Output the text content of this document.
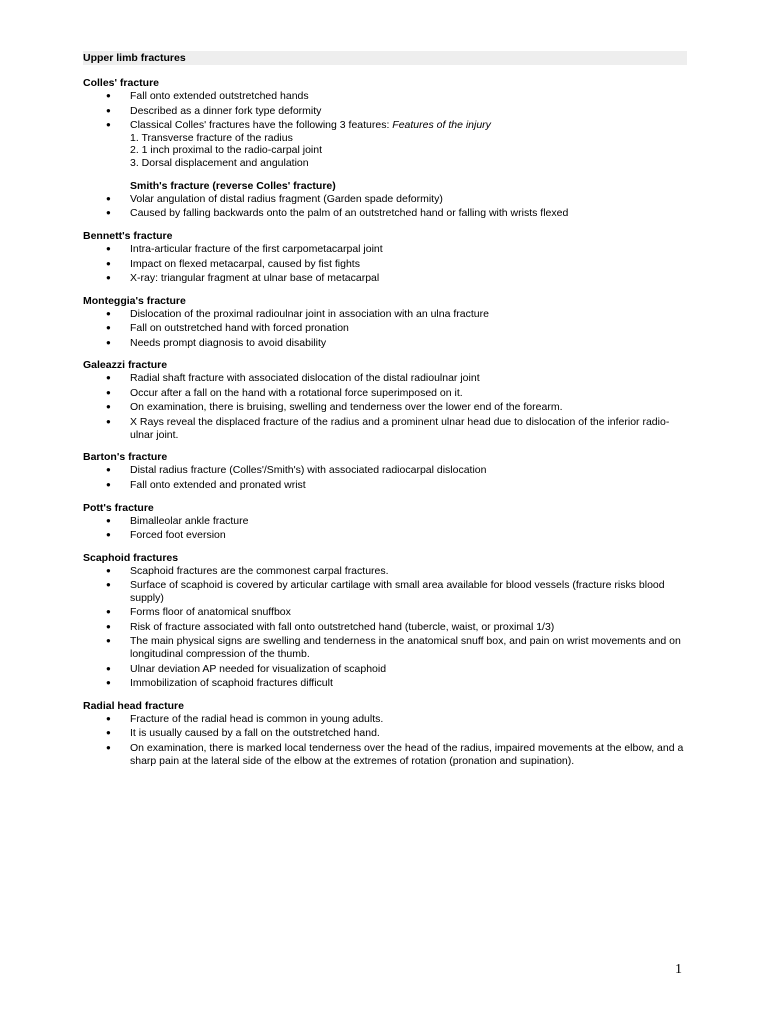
Upper limb fractures
Colles' fracture
● Fall onto extended outstretched hands
● Described as a dinner fork type deformity
● Classical Colles' fractures have the following 3 features: Features of the injury
1. Transverse fracture of the radius
2. 1 inch proximal to the radio-carpal joint
3. Dorsal displacement and angulation
Smith's fracture (reverse Colles' fracture)
● Volar angulation of distal radius fragment (Garden spade deformity)
● Caused by falling backwards onto the palm of an outstretched hand or falling with wrists flexed
Bennett's fracture
● Intra-articular fracture of the first carpometacarpal joint
● Impact on flexed metacarpal, caused by fist fights
● X-ray: triangular fragment at ulnar base of metacarpal
Monteggia's fracture
● Dislocation of the proximal radioulnar joint in association with an ulna fracture
● Fall on outstretched hand with forced pronation
● Needs prompt diagnosis to avoid disability
Galeazzi fracture
● Radial shaft fracture with associated dislocation of the distal radioulnar joint
● Occur after a fall on the hand with a rotational force superimposed on it.
● On examination, there is bruising, swelling and tenderness over the lower end of the forearm.
● X Rays reveal the displaced fracture of the radius and a prominent ulnar head due to dislocation of the inferior radio-ulnar joint.
Barton's fracture
● Distal radius fracture (Colles'/Smith's) with associated radiocarpal dislocation
● Fall onto extended and pronated wrist
Pott's fracture
● Bimalleolar ankle fracture
● Forced foot eversion
Scaphoid fractures
● Scaphoid fractures are the commonest carpal fractures.
● Surface of scaphoid is covered by articular cartilage with small area available for blood vessels (fracture risks blood supply)
● Forms floor of anatomical snuffbox
● Risk of fracture associated with fall onto outstretched hand (tubercle, waist, or proximal 1/3)
● The main physical signs are swelling and tenderness in the anatomical snuff box, and pain on wrist movements and on longitudinal compression of the thumb.
● Ulnar deviation AP needed for visualization of scaphoid
● Immobilization of scaphoid fractures difficult
Radial head fracture
● Fracture of the radial head is common in young adults.
● It is usually caused by a fall on the outstretched hand.
● On examination, there is marked local tenderness over the head of the radius, impaired movements at the elbow, and a sharp pain at the lateral side of the elbow at the extremes of rotation (pronation and supination).
1
